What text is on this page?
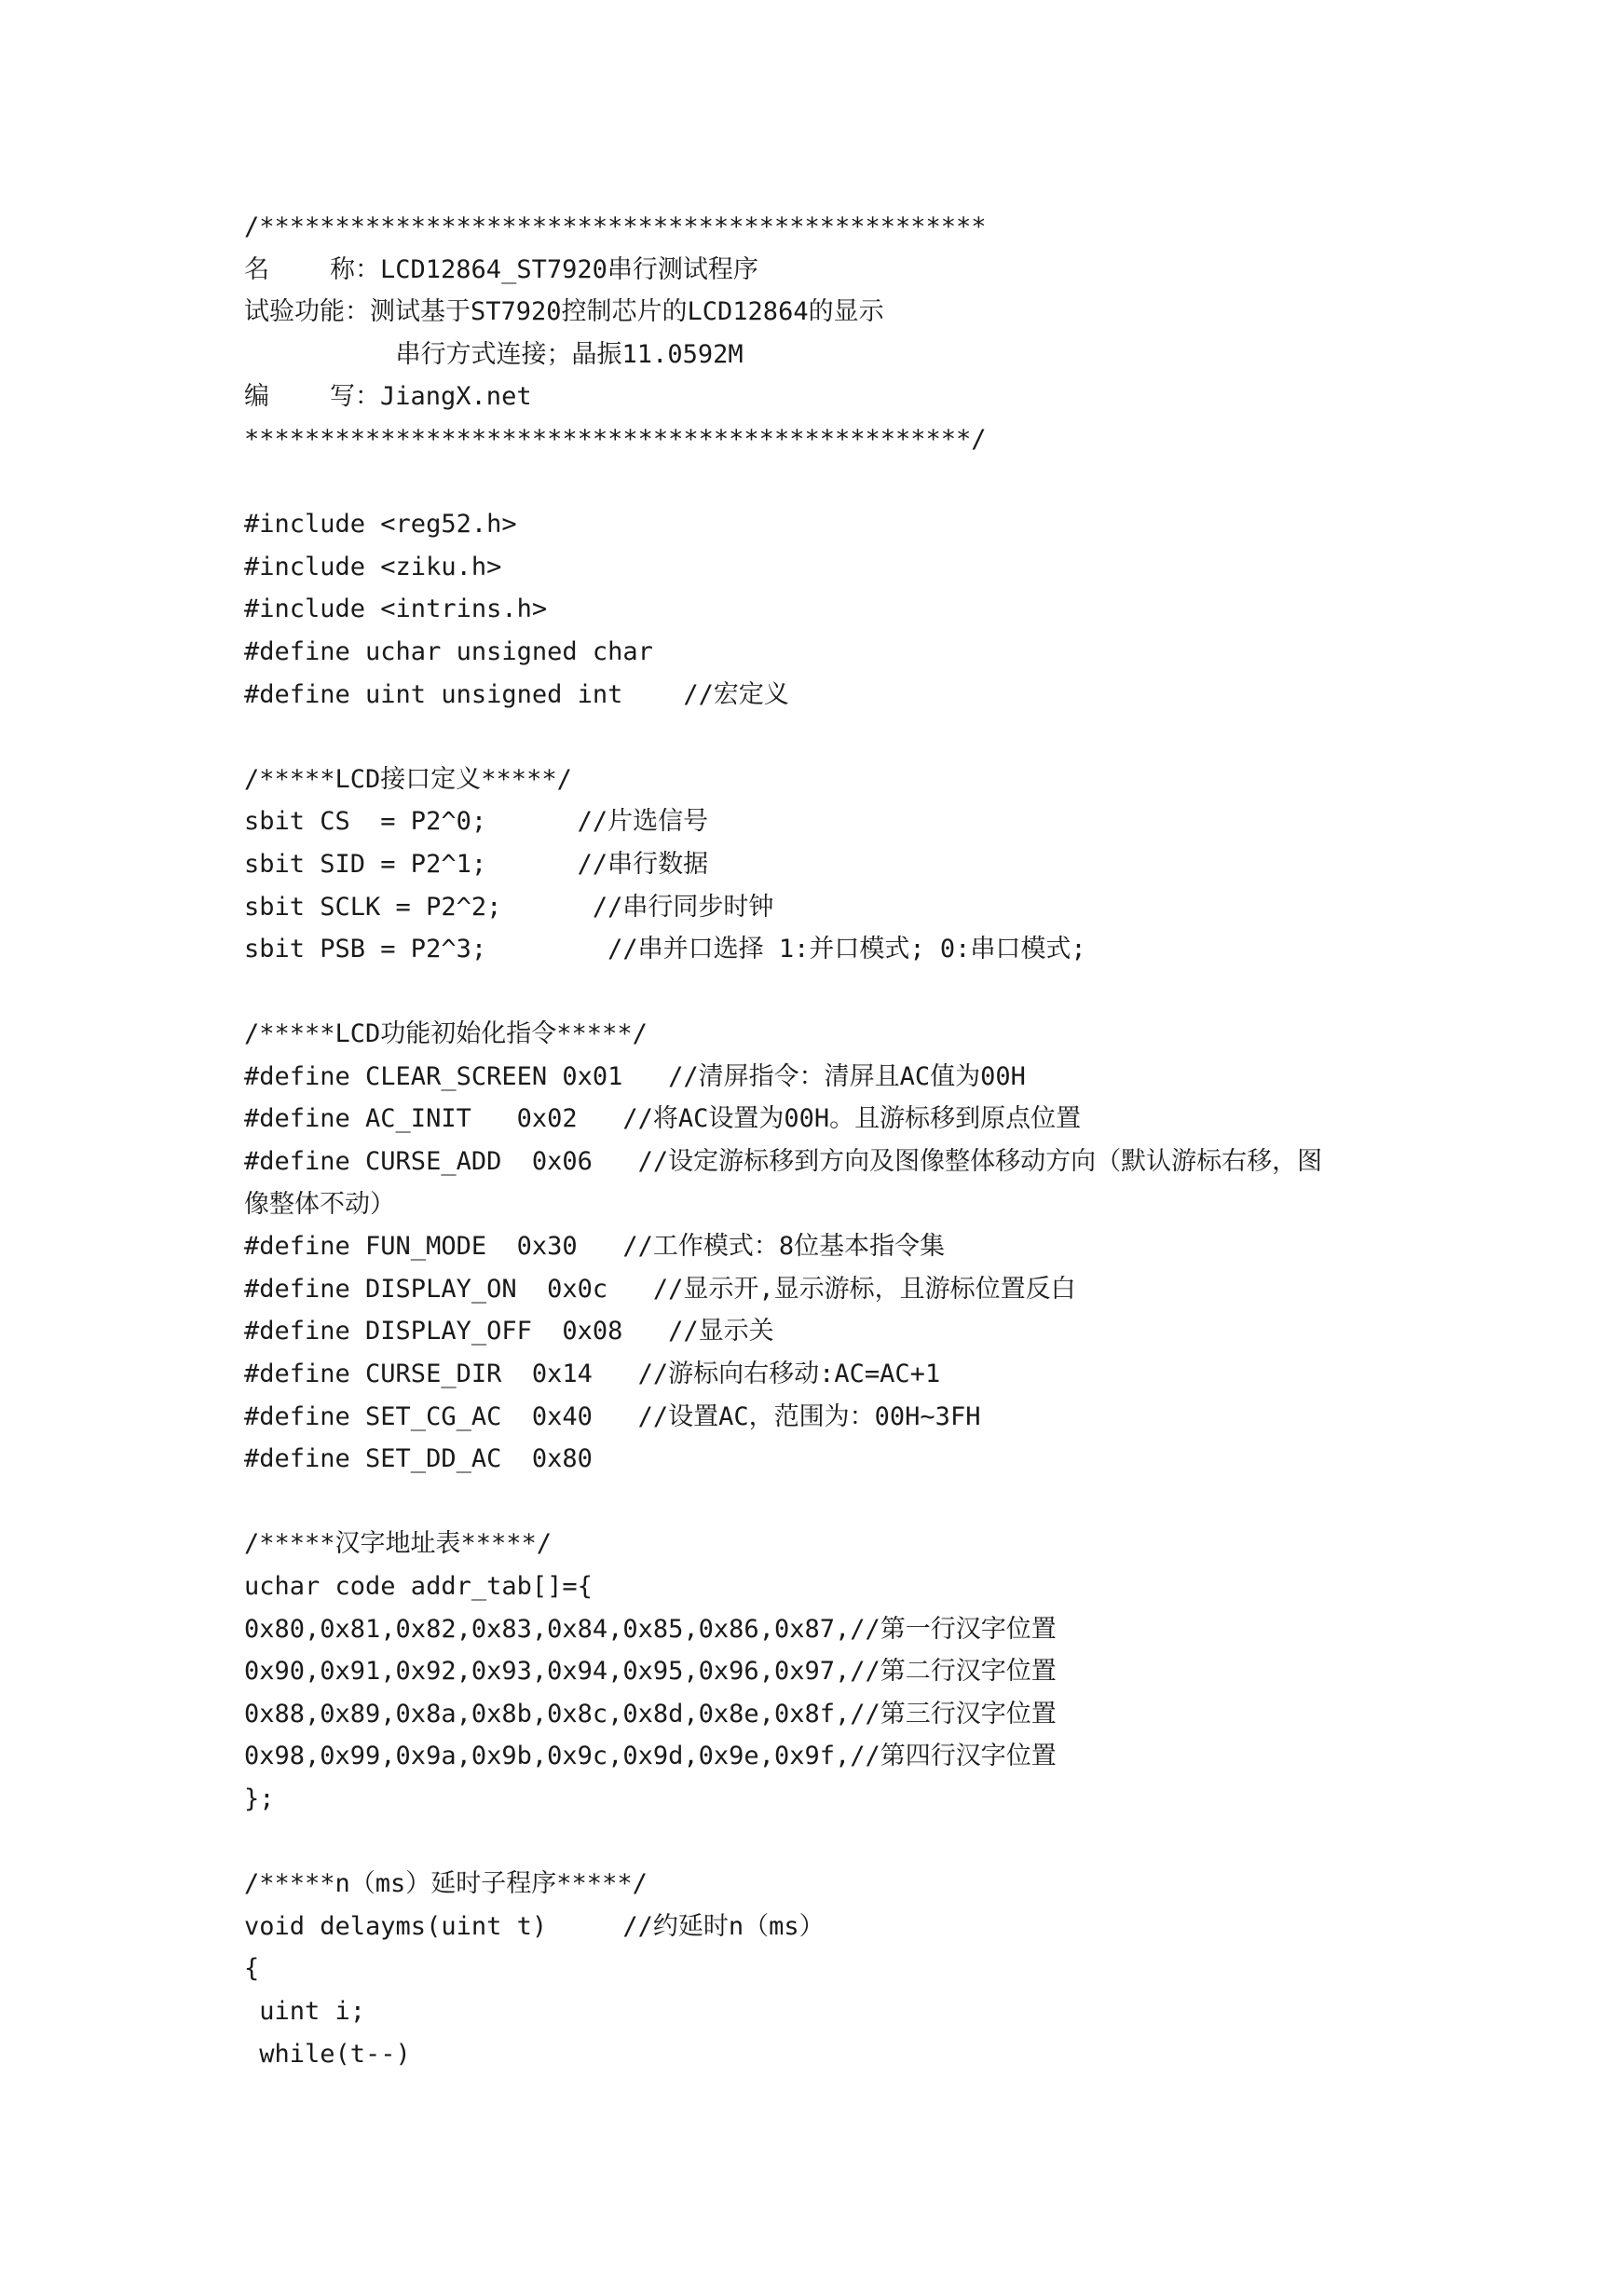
/************************************************
名    称：LCD12864_ST7920串行测试程序
试验功能：测试基于ST7920控制芯片的LCD12864的显示
串行方式连接；晶振11.0592M
编    写：JiangX.net
************************************************/
#include <reg52.h>
#include <ziku.h>
#include <intrins.h>
#define uchar unsigned char
#define uint unsigned int    //宏定义
/*****LCD接口定义*****/
sbit CS  = P2^0;      //片选信号
sbit SID = P2^1;      //串行数据
sbit SCLK = P2^2;      //串行同步时钟
sbit PSB = P2^3;        //串并口选择 1:并口模式; 0:串口模式;
/*****LCD功能初始化指令*****/
#define CLEAR_SCREEN 0x01   //清屏指令：清屏且AC值为00H
#define AC_INIT   0x02   //将AC设置为00H。且游标移到原点位置
#define CURSE_ADD  0x06   //设定游标移到方向及图像整体移动方向（默认游标右移，图
像整体不动）
#define FUN_MODE  0x30   //工作模式：8位基本指令集
#define DISPLAY_ON  0x0c   //显示开,显示游标，且游标位置反白
#define DISPLAY_OFF  0x08   //显示关
#define CURSE_DIR  0x14   //游标向右移动:AC=AC+1
#define SET_CG_AC  0x40   //设置AC，范围为：00H~3FH
#define SET_DD_AC  0x80
/*****汉字地址表*****/
uchar code addr_tab[]={
0x80,0x81,0x82,0x83,0x84,0x85,0x86,0x87,//第一行汉字位置
0x90,0x91,0x92,0x93,0x94,0x95,0x96,0x97,//第二行汉字位置
0x88,0x89,0x8a,0x8b,0x8c,0x8d,0x8e,0x8f,//第三行汉字位置
0x98,0x99,0x9a,0x9b,0x9c,0x9d,0x9e,0x9f,//第四行汉字位置
};
/*****n（ms）延时子程序*****/
void delayms(uint t)     //约延时n（ms）
{
uint i;
while(t--)
